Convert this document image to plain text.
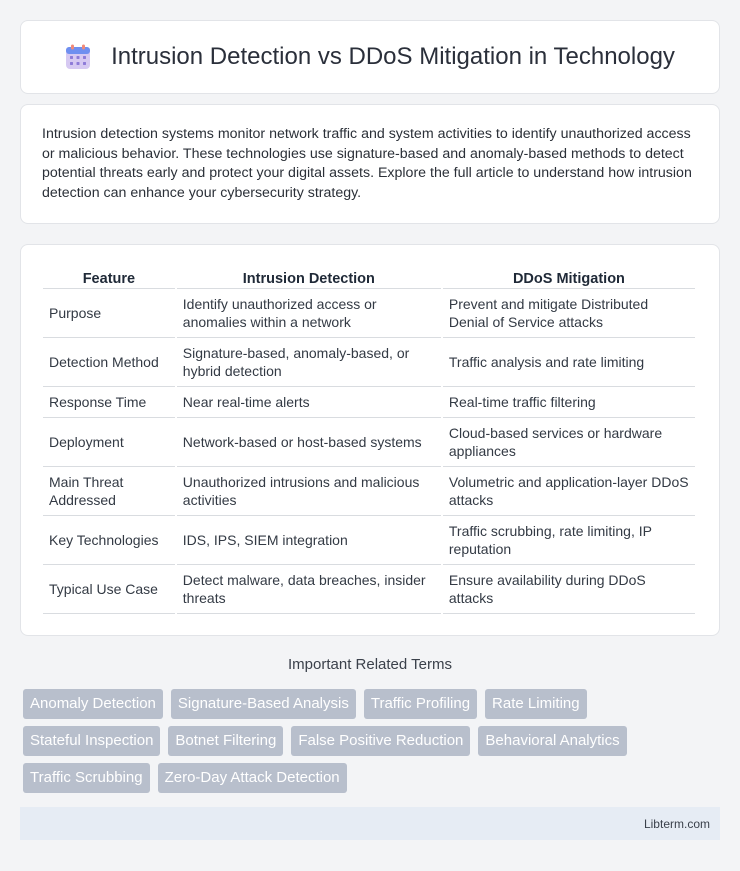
Intrusion Detection vs DDoS Mitigation in Technology

Intrusion detection systems monitor network traffic and system activities to identify unauthorized access or malicious behavior. These technologies use signature-based and anomaly-based methods to detect potential threats early and protect your digital assets. Explore the full article to understand how intrusion detection can enhance your cybersecurity strategy.

Feature	Intrusion Detection	DDoS Mitigation
Purpose	Identify unauthorized access or anomalies within a network	Prevent and mitigate Distributed Denial of Service attacks
Detection Method	Signature-based, anomaly-based, or hybrid detection	Traffic analysis and rate limiting
Response Time	Near real-time alerts	Real-time traffic filtering
Deployment	Network-based or host-based systems	Cloud-based services or hardware appliances
Main Threat Addressed	Unauthorized intrusions and malicious activities	Volumetric and application-layer DDoS attacks
Key Technologies	IDS, IPS, SIEM integration	Traffic scrubbing, rate limiting, IP reputation
Typical Use Case	Detect malware, data breaches, insider threats	Ensure availability during DDoS attacks
Important Related Terms
Anomaly Detection	Signature-Based Analysis	Traffic Profiling	Rate Limiting
Stateful Inspection	Botnet Filtering	False Positive Reduction	Behavioral Analytics
Traffic Scrubbing	Zero-Day Attack Detection
Libterm.com
